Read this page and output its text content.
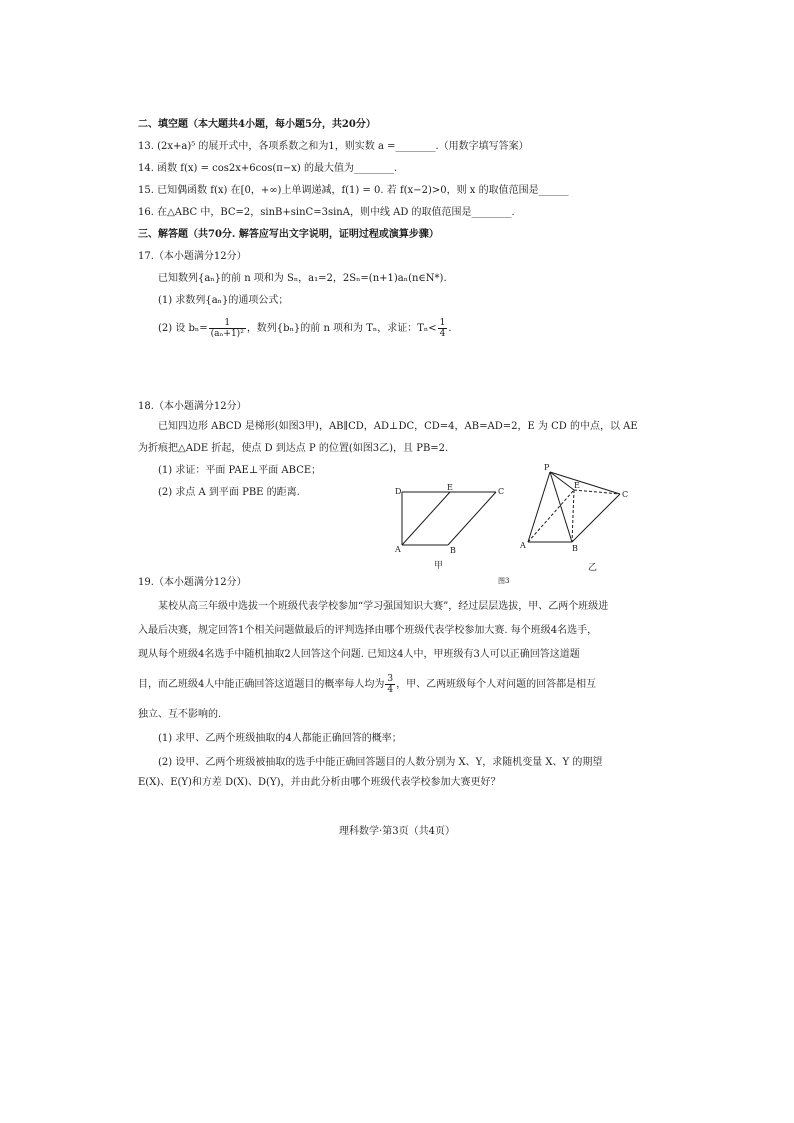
二、填空题（本大题共4小题，每小题5分，共20分）
13. (2x+a)⁵ 的展开式中，各项系数之和为1，则实数 a =________.（用数字填写答案）
14. 函数 f(x) = cos2x+6cos(π−x) 的最大值为________.
15. 已知偶函数 f(x) 在[0，+∞)上单调递减，f(1) = 0. 若 f(x−2)>0，则 x 的取值范围是______
16. 在△ABC 中，BC=2，sinB+sinC=3sinA，则中线 AD 的取值范围是________.
三、解答题（共70分. 解答应写出文字说明，证明过程或演算步骤）
17.（本小题满分12分）
已知数列{aₙ}的前 n 项和为 Sₙ，a₁=2，2Sₙ=(n+1)aₙ(n∈N*).
(1) 求数列{aₙ}的通项公式；
(2) 设 $b_n= \frac{1}{\text{(aₙ+1)²}}$ ，数列{bₙ}的前 n 项和为 Tₙ，求证：$T_n< \frac{1}{4}$ .
18.（本小题满分12分）
已知四边形 ABCD 是梯形(如图3甲)，AB∥CD，AD⊥DC，CD=4，AB=AD=2，E 为 CD 的中点，以 AE
为折痕把△ADE 折起，使点 D 到达点 P 的位置(如图3乙)，且 PB=2.
(1) 求证：平面 PAE⊥平面 ABCE；
(2) 求点 A 到平面 PBE 的距离.	D	E	C
A	B
甲
P
E
C
A	B
图3
乙
19.（本小题满分12分）
某校从高三年级中选拔一个班级代表学校参加“学习强国知识大赛”，经过层层选拔，甲、乙两个班级进
入最后决赛，规定回答1个相关问题做最后的评判选择由哪个班级代表学校参加大赛. 每个班级4名选手，
现从每个班级4名选手中随机抽取2人回答这个问题. 已知这4人中，甲班级有3人可以正确回答这道题
目，而乙班级4人中能正确回答这道题目的概率每人均为 $\frac{3}{4}$ ，甲、乙两班级每个人对问题的回答都是相互
独立、互不影响的.
(1) 求甲、乙两个班级抽取的4人都能正确回答的概率；
(2) 设甲、乙两个班级被抽取的选手中能正确回答题目的人数分别为 X、Y，求随机变量 X、Y 的期望
E(X)、E(Y)和方差 D(X)、D(Y)，并由此分析由哪个班级代表学校参加大赛更好？
理科数学·第3页（共4页）
